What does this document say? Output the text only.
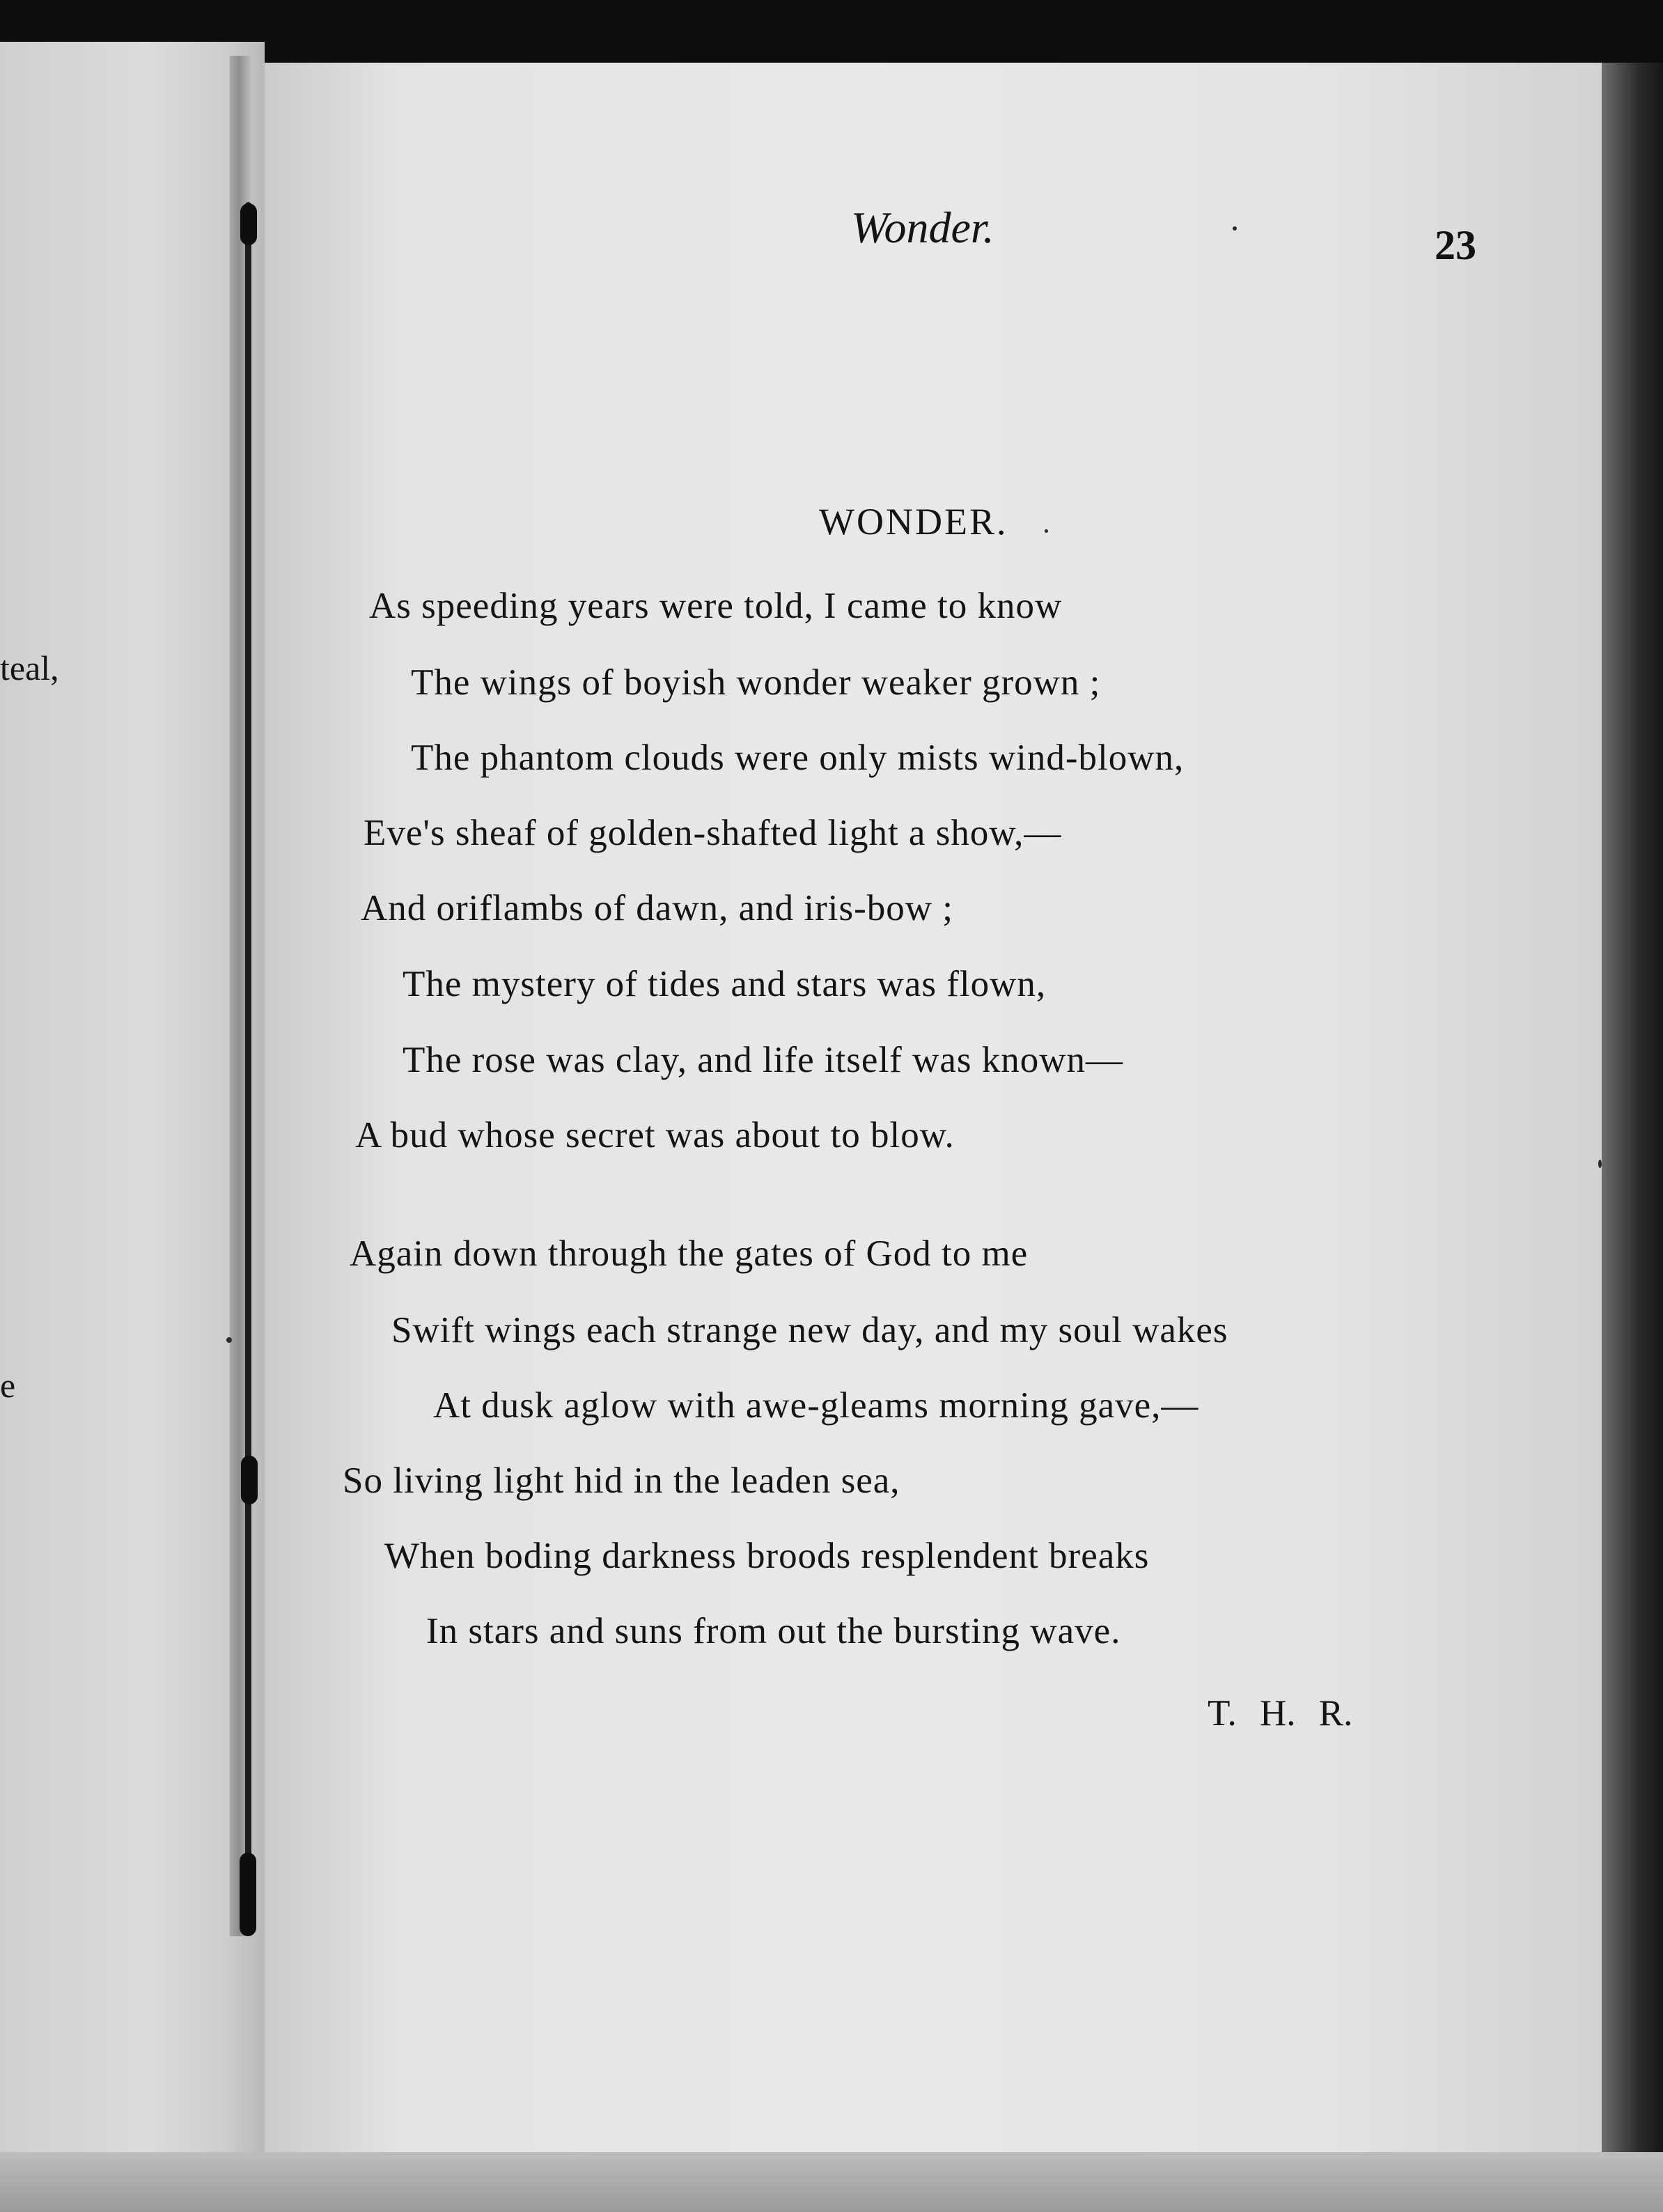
teal,
e
Wonder.	23
WONDER.
As speeding years were told, I came to know
The wings of boyish wonder weaker grown ;
The phantom clouds were only mists wind-blown,
Eve's sheaf of golden-shafted light a show,—
And oriflambs of dawn, and iris-bow ;
The mystery of tides and stars was flown,
The rose was clay, and life itself was known—
A bud whose secret was about to blow.
Again down through the gates of God to me
Swift wings each strange new day, and my soul wakes
At dusk aglow with awe-gleams morning gave,—
So living light hid in the leaden sea,
When boding darkness broods resplendent breaks
In stars and suns from out the bursting wave.
T. H. R.
